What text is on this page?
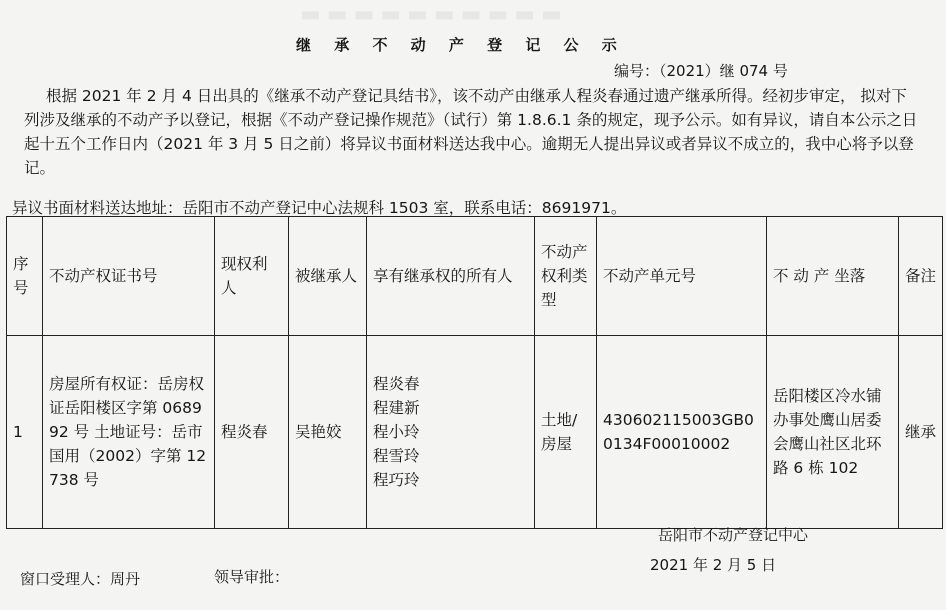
▬▬▬▬▬▬▬▬▬▬
继 承 不 动 产 登 记 公 示
编号：（2021）继 074 号
根据 2021 年 2 月 4 日出具的《继承不动产登记具结书》，该不动产由继承人程炎春通过遗产继承所得。经初步审定， 拟对下列涉及继承的不动产予以登记，根据《不动产登记操作规范》（试行）第 1.8.6.1 条的规定，现予公示。如有异议，请自本公示之日起十五个工作日内（2021 年 3 月 5 日之前）将异议书面材料送达我中心。逾期无人提出异议或者异议不成立的，我中心将予以登记。
异议书面材料送达地址：岳阳市不动产登记中心法规科 1503 室，联系电话：8691971。
序号	不动产权证书号	现权利人	被继承人	享有继承权的所有人	不动产权利类型	不动产单元号	不 动 产 坐落	备注
1	房屋所有权证：岳房权证岳阳楼区字第 068992 号 土地证号：岳市国用（2002）字第 12738 号	程炎春	吴艳姣	程炎春
程建新
程小玲
程雪玲
程巧玲	土地/房屋	430602115003GB00134F00010002	岳阳楼区冷水铺办事处鹰山居委会鹰山社区北环路 6 栋 102	继承
岳阳市不动产登记中心
2021 年 2 月 5 日
窗口受理人：周丹	领导审批：
